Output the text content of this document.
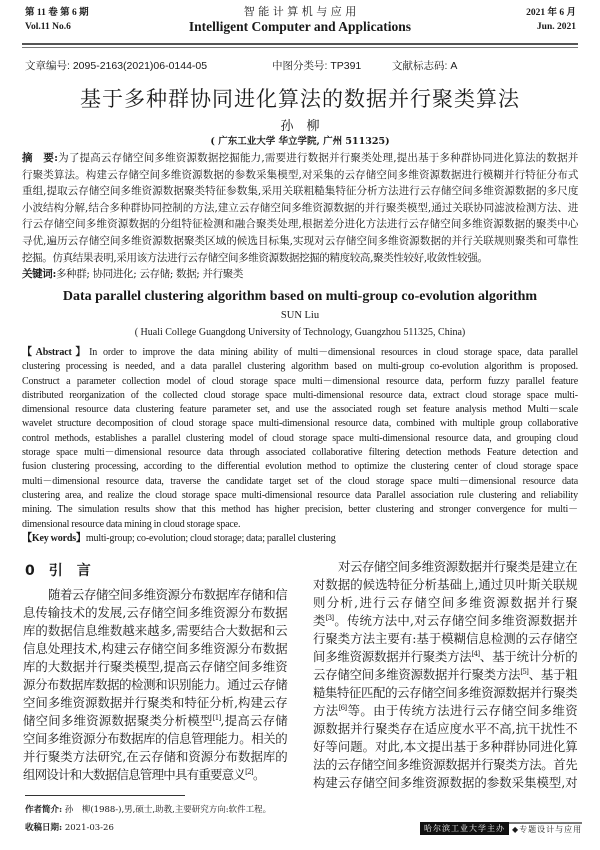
第 11 卷 第 6 期	智 能 计 算 机 与 应 用	2021 年 6 月
Vol.11 No.6	Intelligent Computer and Applications	Jun. 2021
文章编号: 2095-2163(2021)06-0144-05	中图分类号: TP391	文献标志码: A
基于多种群协同进化算法的数据并行聚类算法
孙　柳
( 广东工业大学 华立学院, 广州 511325)
摘　要:为了提高云存储空间多维资源数据挖掘能力,需要进行数据并行聚类处理,提出基于多种群协同进化算法的数据并
行聚类算法。构建云存储空间多维资源数据的参数采集模型,对采集的云存储空间多维资源数据进行模糊并行特征分布式
重组,提取云存储空间多维资源数据聚类特征参数集,采用关联粗糙集特征分析方法进行云存储空间多维资源数据的多尺度
小波结构分解,结合多种群协同控制的方法,建立云存储空间多维资源数据的并行聚类模型,通过关联协同滤波检测方法、进
行云存储空间多维资源数据的分组特征检测和融合聚类处理,根据差分进化方法进行云存储空间多维资源数据的聚类中心
寻优,遍历云存储空间多维资源数据聚类区域的候选目标集,实现对云存储空间多维资源数据的并行关联规则聚类和可靠性
挖掘。仿真结果表明,采用该方法进行云存储空间多维资源数据挖掘的精度较高,聚类性较好,收敛性较强。
关键词:多种群; 协同进化; 云存储; 数据; 并行聚类
Data parallel clustering algorithm based on multi-group co-evolution algorithm
SUN Liu
( Huali College Guangdong University of Technology, Guangzhou 511325, China)
【Abstract】In order to improve the data mining ability of multi－dimensional resources in cloud storage space, data parallel
clustering processing is needed, and a data parallel clustering algorithm based on multi-group co-evolution algorithm is proposed.
Construct a parameter collection model of cloud storage space multi－dimensional resource data, perform fuzzy parallel feature
distributed reorganization of the collected cloud storage space multi-dimensional resource data, extract cloud storage space multi-
dimensional resource data clustering feature parameter set, and use the associated rough set feature analysis method Multi－scale
wavelet structure decomposition of cloud storage space multi-dimensional resource data, combined with multiple group collaborative
control methods, establishes a parallel clustering model of cloud storage space multi-dimensional resource data, and grouping cloud
storage space multi－dimensional resource data through associated collaborative filtering detection methods Feature detection and
fusion clustering processing, according to the differential evolution method to optimize the clustering center of cloud storage space
multi－dimensional resource data, traverse the candidate target set of the cloud storage space multi－dimensional resource data
clustering area, and realize the cloud storage space multi-dimensional resource data Parallel association rule clustering and reliability
mining. The simulation results show that this method has higher precision, better clustering and stronger convergence for multi－
dimensional resource data mining in cloud storage space.
【Key words】multi-group; co-evolution; cloud storage; data; parallel clustering
0　引　言
随着云存储空间多维资源分布数据库存储和信
息传输技术的发展,云存储空间多维资源分布数据
库的数据信息维数越来越多,需要结合大数据和云
信息处理技术,构建云存储空间多维资源分布数据
库的大数据并行聚类模型,提高云存储空间多维资
源分布数据库数据的检测和识别能力。通过云存储
空间多维资源数据并行聚类和特征分析,构建云存
储空间多维资源数据聚类分析模型[1],提高云存储
空间多维资源分布数据库的信息管理能力。相关的
并行聚类方法研究,在云存储和资源分布数据库的
组网设计和大数据信息管理中具有重要意义[2]。
对云存储空间多维资源数据并行聚类是建立在
对数据的候选特征分析基础上,通过贝叶斯关联规
则分析,进行云存储空间多维资源数据并行聚
类[3]。传统方法中,对云存储空间多维资源数据并
行聚类方法主要有:基于模糊信息检测的云存储空
间多维资源数据并行聚类方法[4]、基于统计分析的
云存储空间多维资源数据并行聚类方法[5]、基于粗
糙集特征匹配的云存储空间多维资源数据并行聚类
方法[6]等。由于传统方法进行云存储空间多维资
源数据并行聚类存在适应度水平不高,抗干扰性不
好等问题。对此,本文提出基于多种群协同进化算
法的云存储空间多维资源数据并行聚类方法。首先
构建云存储空间多维资源数据的参数采集模型,对
作者简介: 孙　柳(1988-),男,硕士,助教,主要研究方向:软件工程。
收稿日期: 2021-03-26	哈尔滨工业大学主办 ◆专题设计与应用
